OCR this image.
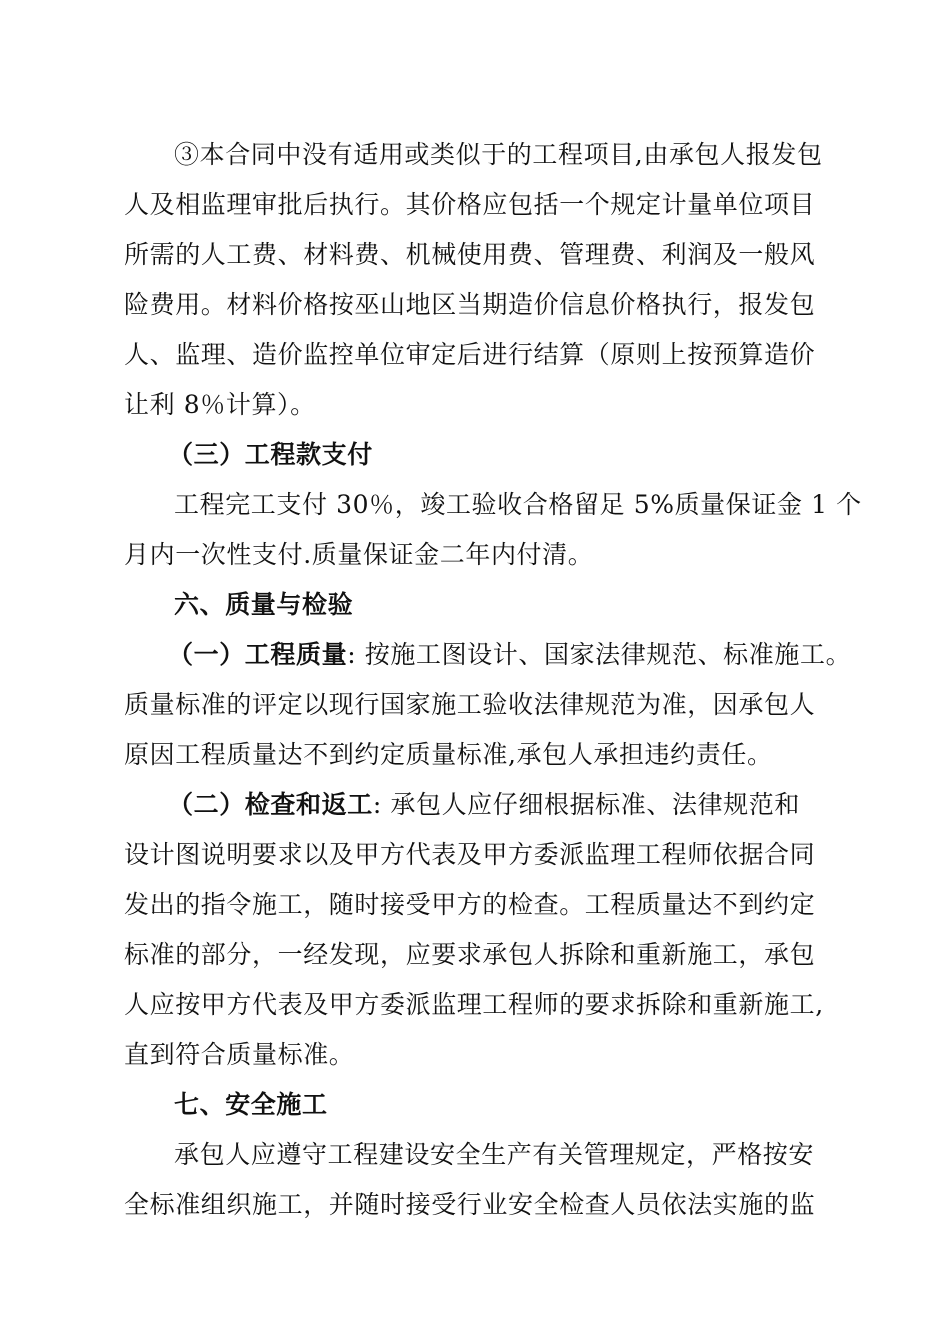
③本合同中没有适用或类似于的工程项目,由承包人报发包
人及相监理审批后执行。其价格应包括一个规定计量单位项目
所需的人工费、材料费、机械使用费、管理费、利润及一般风
险费用。材料价格按巫山地区当期造价信息价格执行，报发包
人、监理、造价监控单位审定后进行结算（原则上按预算造价
让利 8％计算）。
（三）工程款支付
工程完工支付 30％，竣工验收合格留足 5%质量保证金 1 个
月内一次性支付.质量保证金二年内付清。
六、质量与检验
（一）工程质量: 按施工图设计、国家法律规范、标准施工。
质量标准的评定以现行国家施工验收法律规范为准，因承包人
原因工程质量达不到约定质量标准,承包人承担违约责任。
（二）检查和返工: 承包人应仔细根据标准、法律规范和
设计图说明要求以及甲方代表及甲方委派监理工程师依据合同
发出的指令施工，随时接受甲方的检查。工程质量达不到约定
标准的部分，一经发现，应要求承包人拆除和重新施工，承包
人应按甲方代表及甲方委派监理工程师的要求拆除和重新施工,
直到符合质量标准。
七、安全施工
承包人应遵守工程建设安全生产有关管理规定，严格按安
全标准组织施工，并随时接受行业安全检查人员依法实施的监
